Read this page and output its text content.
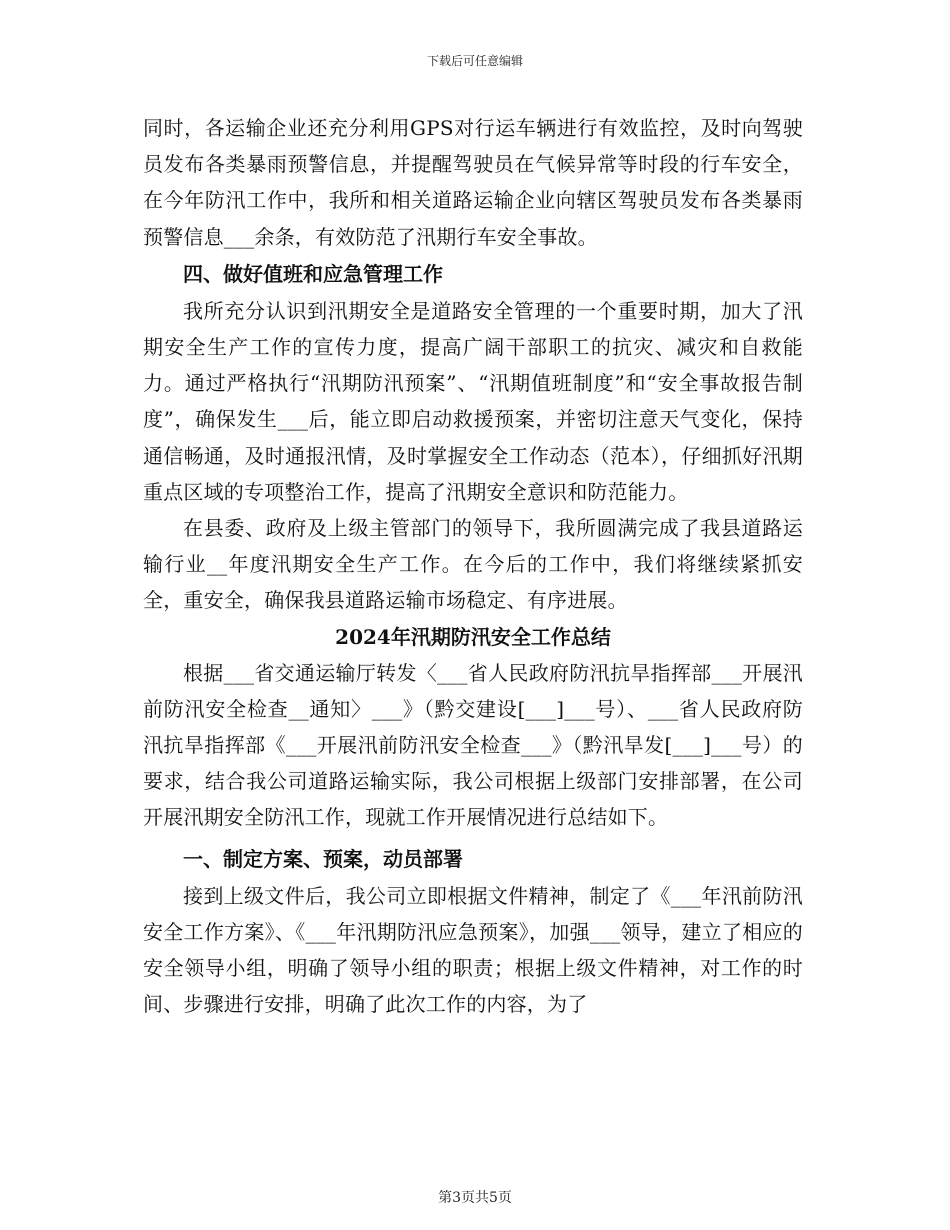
下载后可任意编辑

同时，各运输企业还充分利用GPS对行运车辆进行有效监控，及时向驾驶员发布各类暴雨预警信息，并提醒驾驶员在气候异常等时段的行车安全，在今年防汛工作中，我所和相关道路运输企业向辖区驾驶员发布各类暴雨预警信息___余条，有效防范了汛期行车安全事故。

四、做好值班和应急管理工作

我所充分认识到汛期安全是道路安全管理的一个重要时期，加大了汛期安全生产工作的宣传力度，提高广阔干部职工的抗灾、减灾和自救能力。通过严格执行“汛期防汛预案”、“汛期值班制度”和“安全事故报告制度”，确保发生___后，能立即启动救援预案，并密切注意天气变化，保持通信畅通，及时通报汛情，及时掌握安全工作动态（范本），仔细抓好汛期重点区域的专项整治工作，提高了汛期安全意识和防范能力。

在县委、政府及上级主管部门的领导下，我所圆满完成了我县道路运输行业__年度汛期安全生产工作。在今后的工作中，我们将继续紧抓安全，重安全，确保我县道路运输市场稳定、有序进展。

2024年汛期防汛安全工作总结

根据___省交通运输厅转发〈___省人民政府防汛抗旱指挥部___开展汛前防汛安全检查__通知〉___》（黔交建设[___]___号）、___省人民政府防汛抗旱指挥部《___开展汛前防汛安全检查___》（黔汛旱发[___]___号）的要求，结合我公司道路运输实际，我公司根据上级部门安排部署，在公司开展汛期安全防汛工作，现就工作开展情况进行总结如下。

一、制定方案、预案，动员部署

接到上级文件后，我公司立即根据文件精神，制定了《___年汛前防汛安全工作方案》、《___年汛期防汛应急预案》，加强___领导，建立了相应的安全领导小组，明确了领导小组的职责；根据上级文件精神，对工作的时间、步骤进行安排，明确了此次工作的内容，为了

第3页共5页
